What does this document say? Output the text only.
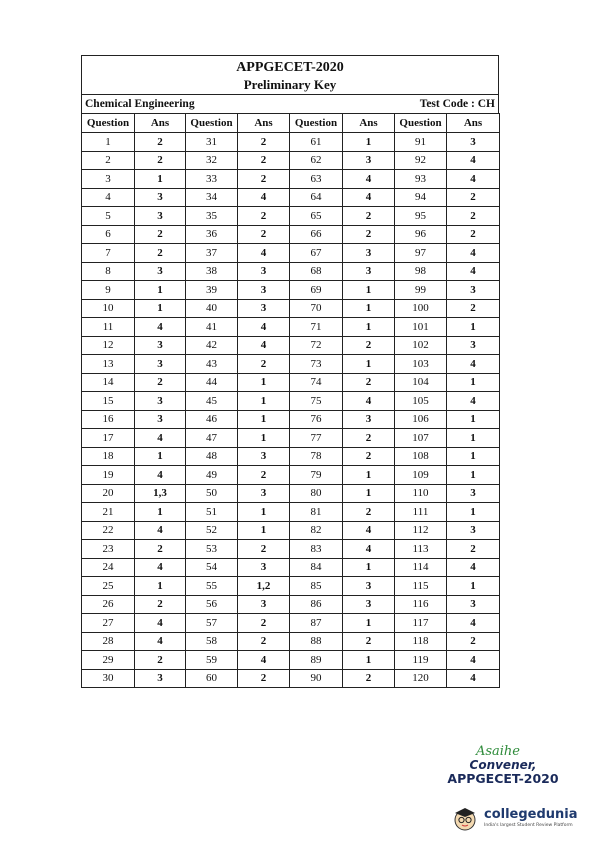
APPGECET-2020
Preliminary Key
Chemical Engineering	Test Code : CH
Question	Ans	Question	Ans	Question	Ans	Question	Ans
1	2	31	2	61	1	91	3
2	2	32	2	62	3	92	4
3	1	33	2	63	4	93	4
4	3	34	4	64	4	94	2
5	3	35	2	65	2	95	2
6	2	36	2	66	2	96	2
7	2	37	4	67	3	97	4
8	3	38	3	68	3	98	4
9	1	39	3	69	1	99	3
10	1	40	3	70	1	100	2
11	4	41	4	71	1	101	1
12	3	42	4	72	2	102	3
13	3	43	2	73	1	103	4
14	2	44	1	74	2	104	1
15	3	45	1	75	4	105	4
16	3	46	1	76	3	106	1
17	4	47	1	77	2	107	1
18	1	48	3	78	2	108	1
19	4	49	2	79	1	109	1
20	1,3	50	3	80	1	110	3
21	1	51	1	81	2	111	1
22	4	52	1	82	4	112	3
23	2	53	2	83	4	113	2
24	4	54	3	84	1	114	4
25	1	55	1,2	85	3	115	1
26	2	56	3	86	3	116	3
27	4	57	2	87	1	117	4
28	4	58	2	88	2	118	2
29	2	59	4	89	1	119	4
30	3	60	2	90	2	120	4
Asaihe
Convener,
APPGECET-2020
collegedunia
India's largest Student Review Platform
